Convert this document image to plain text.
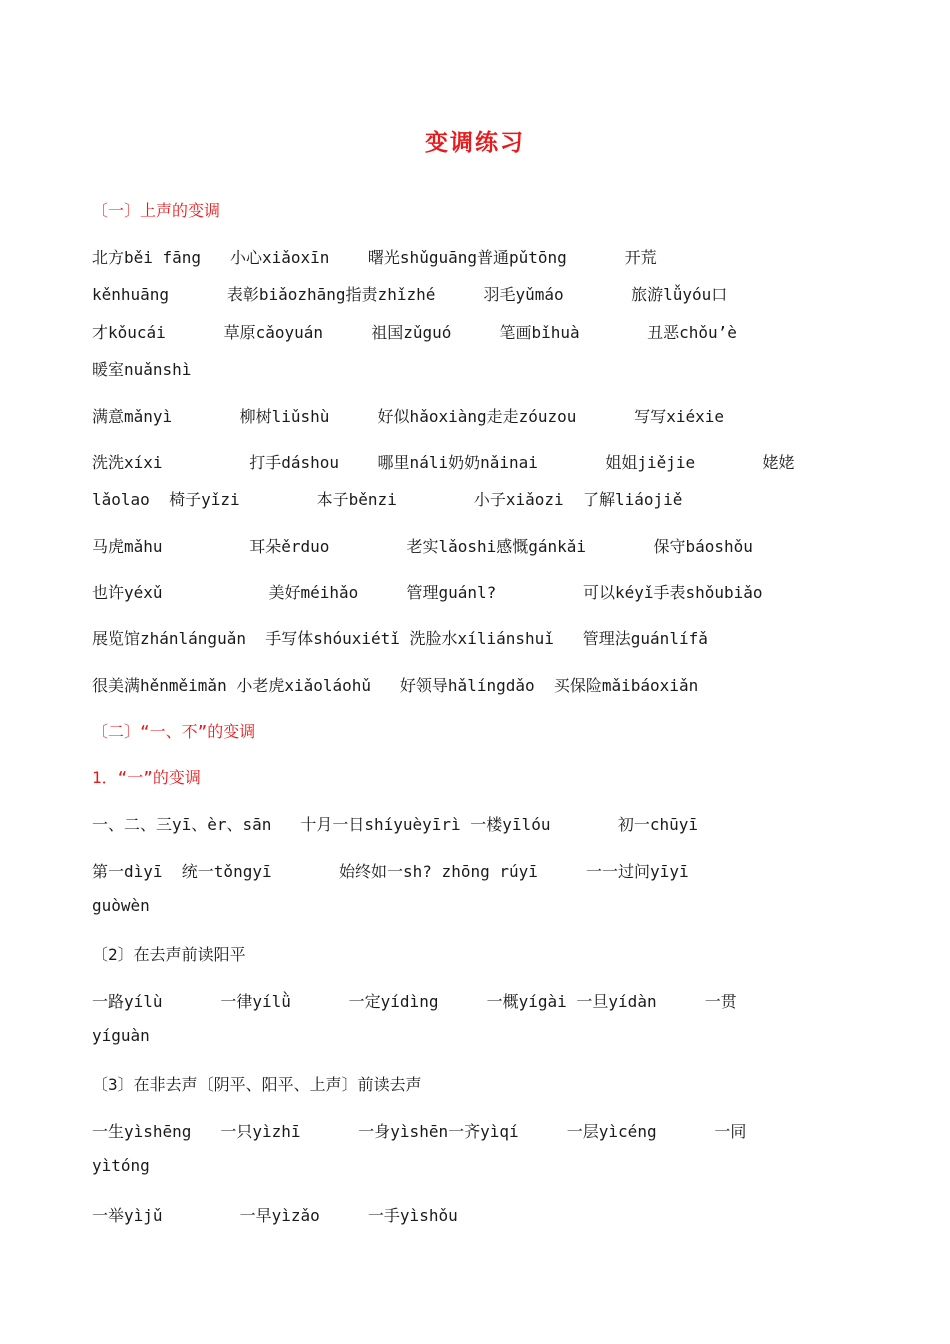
变调练习
〔一〕上声的变调
北方běi fāng   小心xiǎoxīn    曙光shǔguāng普通pǔtōng      开荒
kěnhuāng      表彰biǎozhāng指责zhǐzhé     羽毛yǔmáo       旅游lǚyóu口
才kǒucái      草原cǎoyuán     祖国zǔguó     笔画bǐhuà       丑恶chǒu’è
暖室nuǎnshì
满意mǎnyì       柳树liǔshù     好似hǎoxiàng走走zóuzou      写写xiéxie
洗洗xíxi         打手dáshou    哪里náli奶奶nǎinai       姐姐jiějie       姥姥
lǎolao  椅子yǐzi        本子běnzi        小子xiǎozi  了解liáojiě
马虎mǎhu         耳朵ěrduo        老实lǎoshi感慨gánkǎi       保守báoshǒu
也许yéxǔ           美好méihǎo     管理guánl?         可以kéyǐ手表shǒubiǎo
展览馆zhánlánguǎn  手写体shóuxiétǐ 洗脸水xíliánshuǐ   管理法guánlífǎ
很美满hěnměimǎn 小老虎xiǎoláohǔ   好领导hǎlíngdǎo  买保险mǎibáoxiǎn
〔二〕“一、不”的变调
1．“一”的变调
一、二、三yī、èr、sān   十月一日shíyuèyīrì 一楼yīlóu       初一chūyī
第一dìyī  统一tǒngyī       始终如一sh? zhōng rúyī     一一过问yīyī
guòwèn
〔2〕在去声前读阳平
一路yílù      一律yílǜ      一定yídìng     一概yígài 一旦yídàn     一贯
yíguàn
〔3〕在非去声〔阴平、阳平、上声〕前读去声
一生yìshēng   一只yìzhī      一身yìshēn一齐yìqí     一层yìcéng      一同
yìtóng
一举yìjǔ        一早yìzǎo     一手yìshǒu
